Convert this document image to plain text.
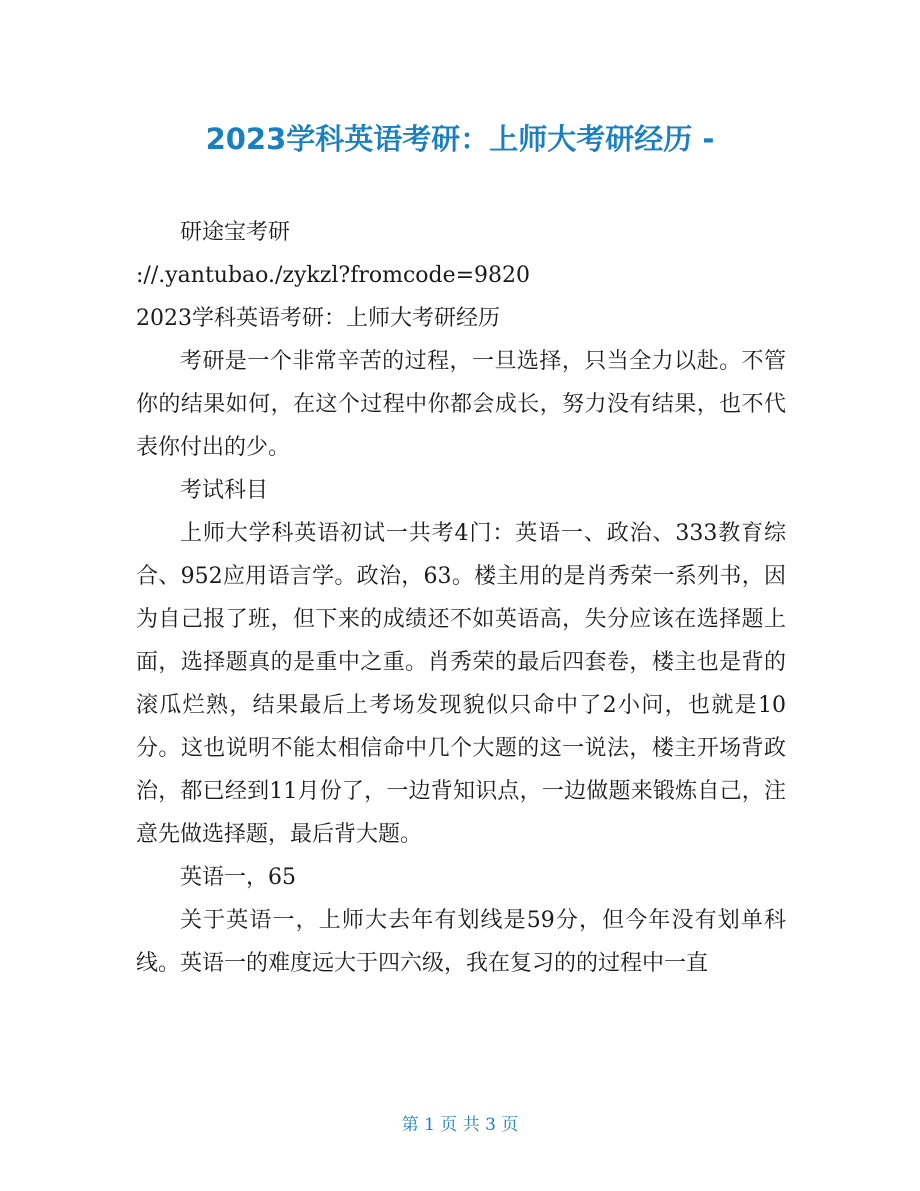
2023学科英语考研：上师大考研经历 -

研途宝考研

://.yantubao./zykzl?fromcode=9820

2023学科英语考研：上师大考研经历

考研是一个非常辛苦的过程，一旦选择，只当全力以赴。不管你的结果如何，在这个过程中你都会成长，努力没有结果，也不代表你付出的少。

考试科目

上师大学科英语初试一共考4门：英语一、政治、333教育综合、952应用语言学。政治，63。楼主用的是肖秀荣一系列书，因为自己报了班，但下来的成绩还不如英语高，失分应该在选择题上面，选择题真的是重中之重。肖秀荣的最后四套卷，楼主也是背的滚瓜烂熟，结果最后上考场发现貌似只命中了2小问，也就是10分。这也说明不能太相信命中几个大题的这一说法，楼主开场背政治，都已经到11月份了，一边背知识点，一边做题来锻炼自己，注意先做选择题，最后背大题。

英语一，65

关于英语一，上师大去年有划线是59分，但今年没有划单科线。英语一的难度远大于四六级，我在复习的的过程中一直

第 1 页 共 3 页
